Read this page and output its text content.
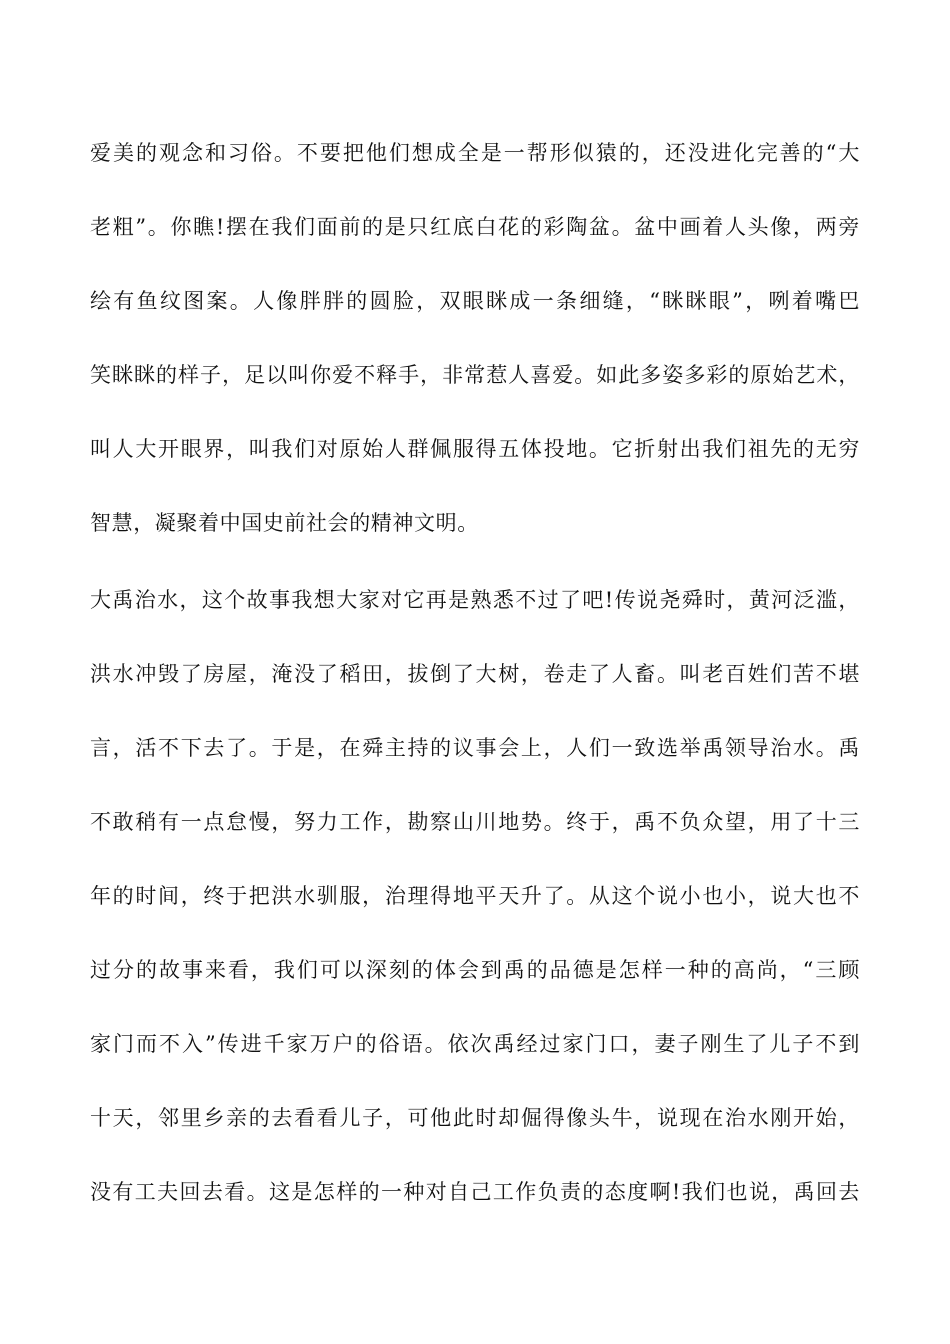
爱美的观念和习俗。不要把他们想成全是一帮形似猿的，还没进化完善的“大
老粗”。你瞧!摆在我们面前的是只红底白花的彩陶盆。盆中画着人头像，两旁
绘有鱼纹图案。人像胖胖的圆脸，双眼眯成一条细缝，“眯眯眼”，咧着嘴巴
笑眯眯的样子，足以叫你爱不释手，非常惹人喜爱。如此多姿多彩的原始艺术，
叫人大开眼界，叫我们对原始人群佩服得五体投地。它折射出我们祖先的无穷
智慧，凝聚着中国史前社会的精神文明。
大禹治水，这个故事我想大家对它再是熟悉不过了吧!传说尧舜时，黄河泛滥，
洪水冲毁了房屋，淹没了稻田，拔倒了大树，卷走了人畜。叫老百姓们苦不堪
言，活不下去了。于是，在舜主持的议事会上，人们一致选举禹领导治水。禹
不敢稍有一点怠慢，努力工作，勘察山川地势。终于，禹不负众望，用了十三
年的时间，终于把洪水驯服，治理得地平天升了。从这个说小也小，说大也不
过分的故事来看，我们可以深刻的体会到禹的品德是怎样一种的高尚，“三顾
家门而不入”传进千家万户的俗语。依次禹经过家门口，妻子刚生了儿子不到
十天，邻里乡亲的去看看儿子，可他此时却倔得像头牛，说现在治水刚开始，
没有工夫回去看。这是怎样的一种对自己工作负责的态度啊!我们也说，禹回去
